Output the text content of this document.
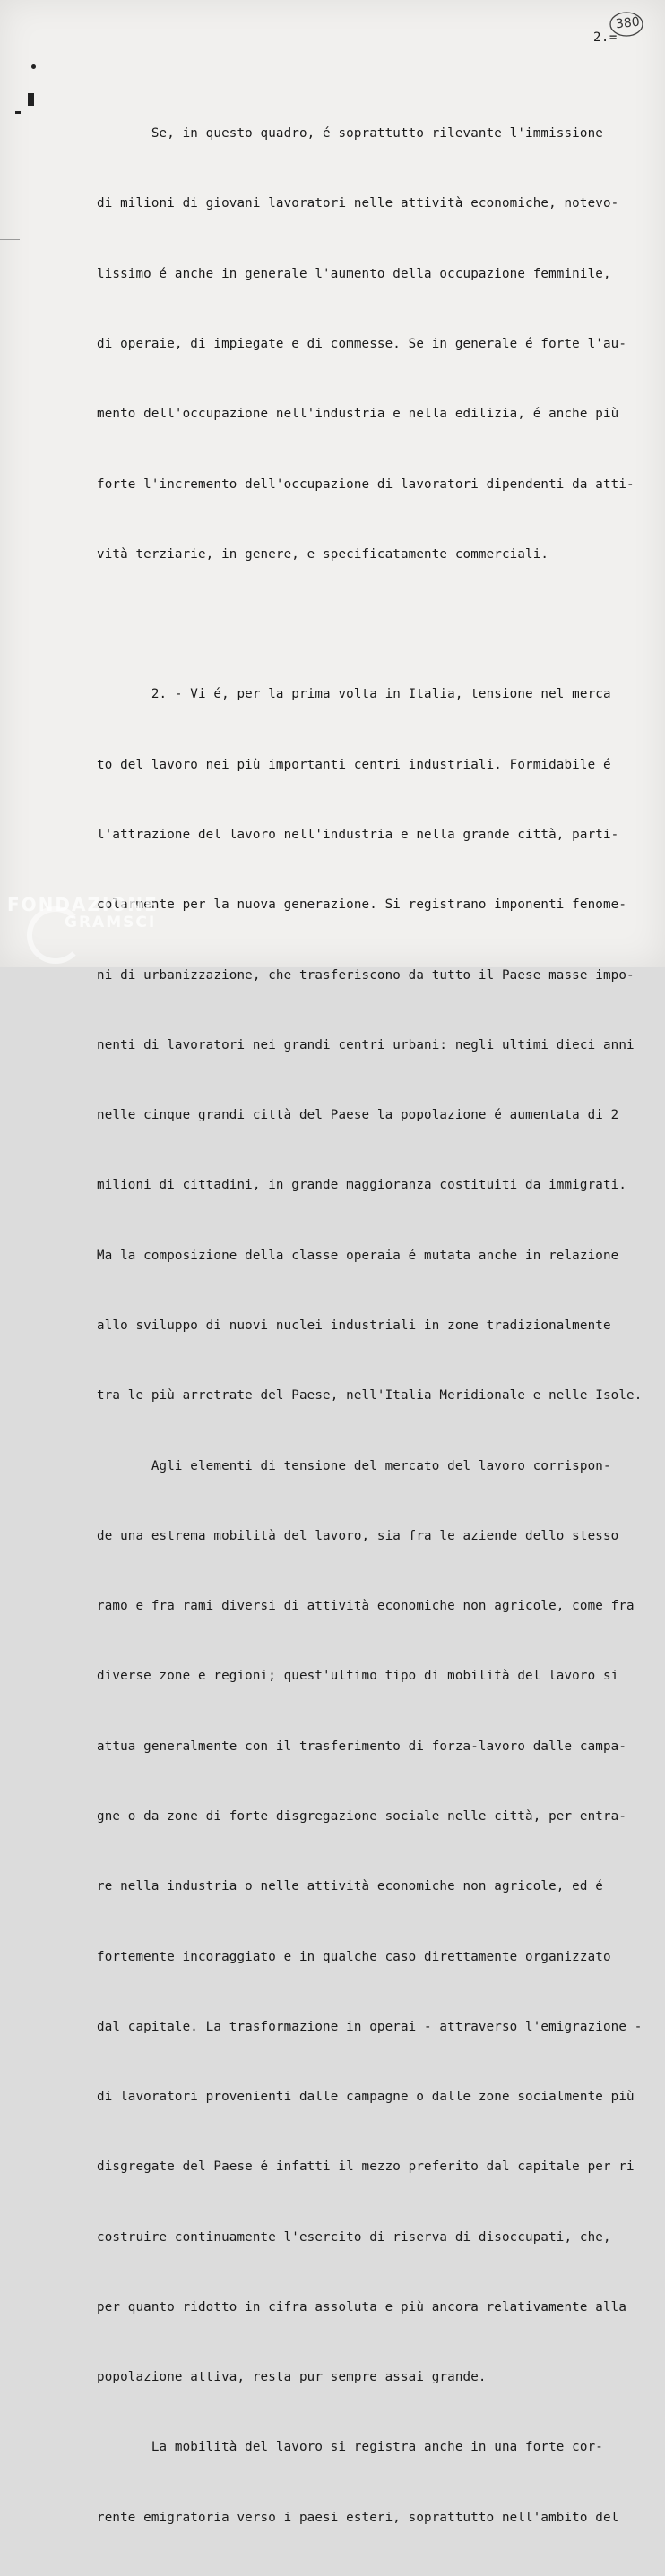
2.=
380

Se, in questo quadro, é soprattutto rilevante l'immissione

di milioni di giovani lavoratori nelle attività economiche, notevo-

lissimo é anche in generale l'aumento della occupazione femminile,

di operaie, di impiegate e di commesse. Se in generale é forte l'au-

mento dell'occupazione nell'industria e nella edilizia, é anche più

forte l'incremento dell'occupazione di lavoratori dipendenti da atti-

vità terziarie, in genere, e specificatamente commerciali.

2. - Vi é, per la prima volta in Italia, tensione nel merca

to del lavoro nei più importanti centri industriali. Formidabile é

l'attrazione del lavoro nell'industria e nella grande città, parti-

colarmente per la nuova generazione. Si registrano imponenti fenome-

ni di urbanizzazione, che trasferiscono da tutto il Paese masse impo-

nenti di lavoratori nei grandi centri urbani: negli ultimi dieci anni

nelle cinque grandi città del Paese la popolazione é aumentata di 2

milioni di cittadini, in grande maggioranza costituiti da immigrati.

Ma la composizione della classe operaia é mutata anche in relazione

allo sviluppo di nuovi nuclei industriali in zone tradizionalmente

tra le più arretrate del Paese, nell'Italia Meridionale e nelle Isole.

Agli elementi di tensione del mercato del lavoro corrispon-

de una estrema mobilità del lavoro, sia fra le aziende dello stesso

ramo e fra rami diversi di attività economiche non agricole, come fra

diverse zone e regioni; quest'ultimo tipo di mobilità del lavoro si

attua generalmente con il trasferimento di forza-lavoro dalle campa-

gne o da zone di forte disgregazione sociale nelle città, per entra-

re nella industria o nelle attività economiche non agricole, ed é

fortemente incoraggiato e in qualche caso direttamente organizzato

dal capitale. La trasformazione in operai - attraverso l'emigrazione -

di lavoratori provenienti dalle campagne o dalle zone socialmente più

disgregate del Paese é infatti il mezzo preferito dal capitale per ri

costruire continuamente l'esercito di riserva di disoccupati, che,

per quanto ridotto in cifra assoluta e più ancora relativamente alla

popolazione attiva, resta pur sempre assai grande.

La mobilità del lavoro si registra anche in una forte cor-

rente emigratoria verso i paesi esteri, soprattutto nell'ambito del

FONDAZIONE
GRAMSCI
